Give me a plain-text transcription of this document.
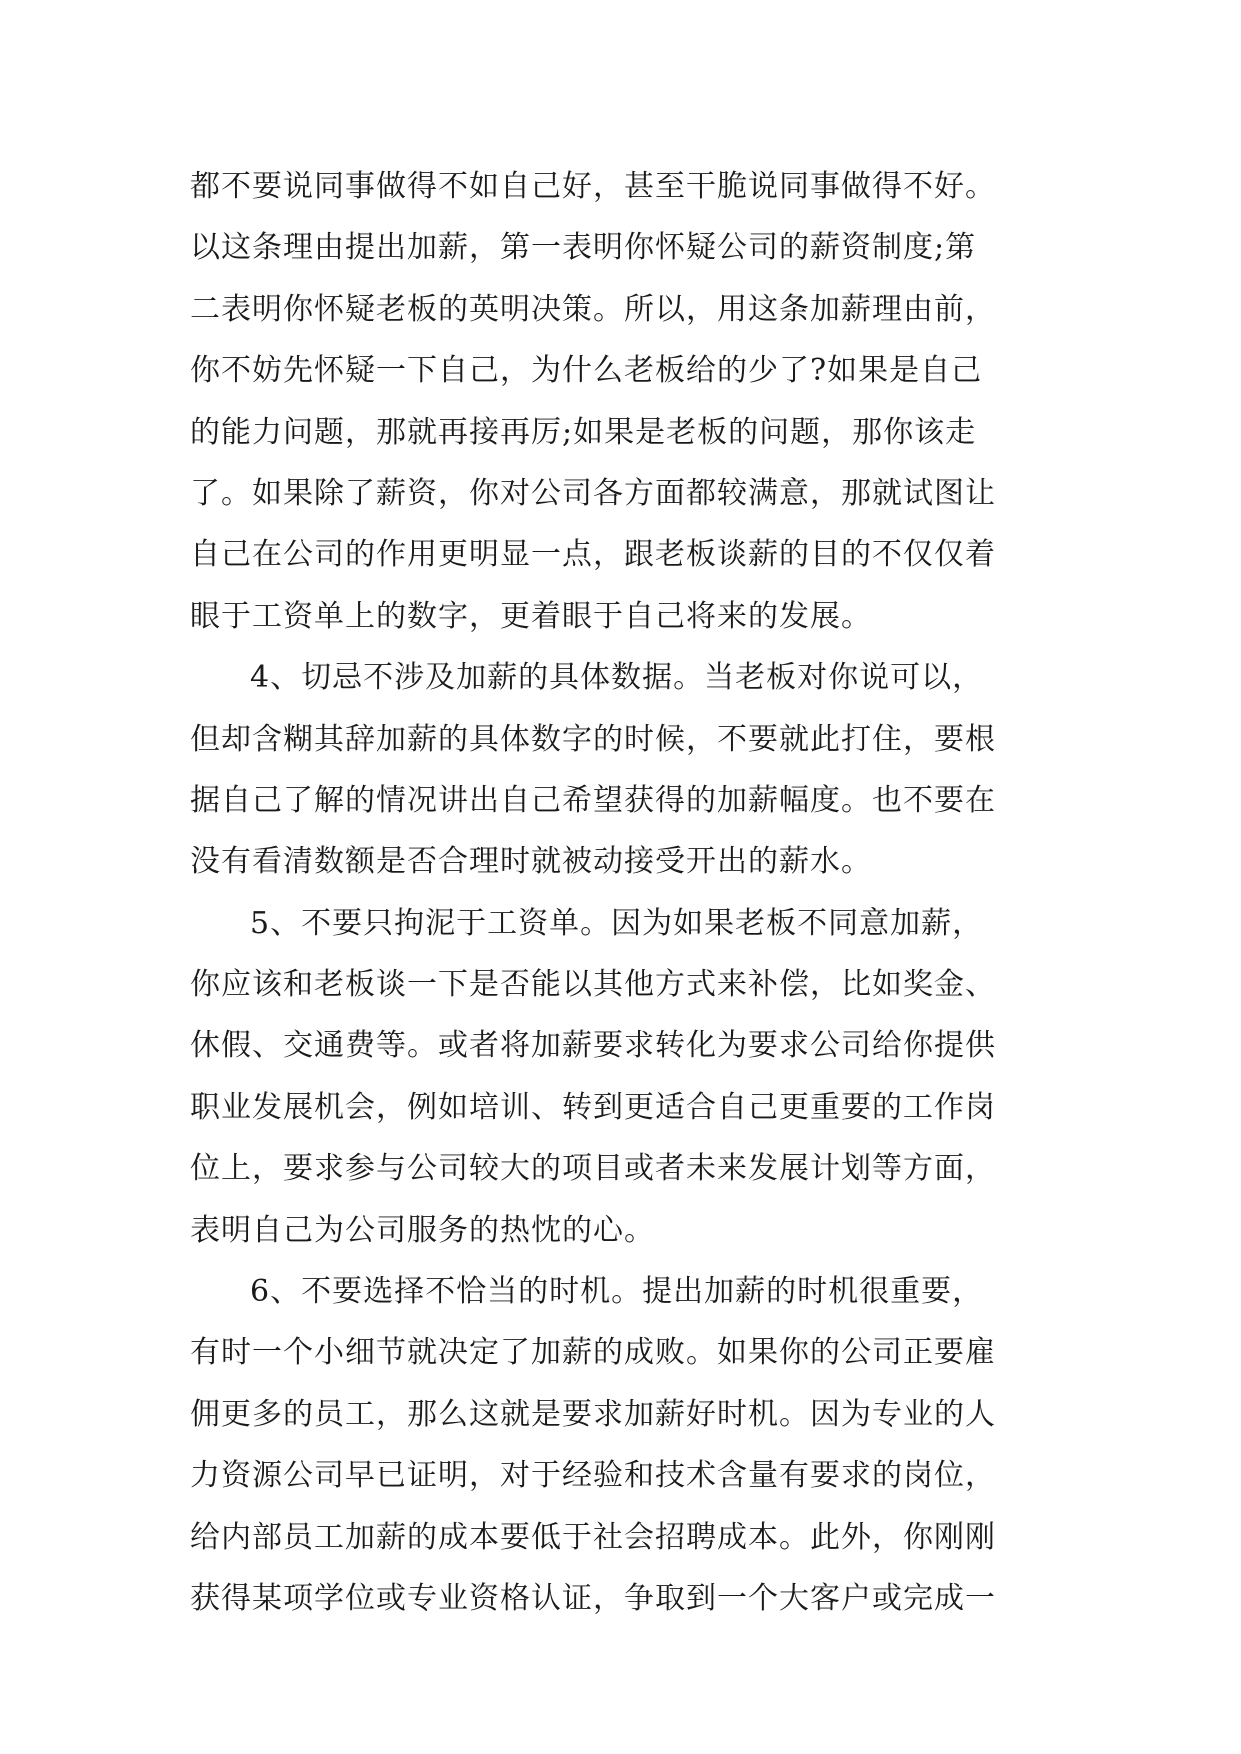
都不要说同事做得不如自己好，甚至干脆说同事做得不好。
以这条理由提出加薪，第一表明你怀疑公司的薪资制度;第
二表明你怀疑老板的英明决策。所以，用这条加薪理由前，
你不妨先怀疑一下自己，为什么老板给的少了?如果是自己
的能力问题，那就再接再厉;如果是老板的问题，那你该走
了。如果除了薪资，你对公司各方面都较满意，那就试图让
自己在公司的作用更明显一点，跟老板谈薪的目的不仅仅着
眼于工资单上的数字，更着眼于自己将来的发展。
4、切忌不涉及加薪的具体数据。当老板对你说可以，
但却含糊其辞加薪的具体数字的时候，不要就此打住，要根
据自己了解的情况讲出自己希望获得的加薪幅度。也不要在
没有看清数额是否合理时就被动接受开出的薪水。
5、不要只拘泥于工资单。因为如果老板不同意加薪，
你应该和老板谈一下是否能以其他方式来补偿，比如奖金、
休假、交通费等。或者将加薪要求转化为要求公司给你提供
职业发展机会，例如培训、转到更适合自己更重要的工作岗
位上，要求参与公司较大的项目或者未来发展计划等方面，
表明自己为公司服务的热忱的心。
6、不要选择不恰当的时机。提出加薪的时机很重要，
有时一个小细节就决定了加薪的成败。如果你的公司正要雇
佣更多的员工，那么这就是要求加薪好时机。因为专业的人
力资源公司早已证明，对于经验和技术含量有要求的岗位，
给内部员工加薪的成本要低于社会招聘成本。此外，你刚刚
获得某项学位或专业资格认证，争取到一个大客户或完成一
